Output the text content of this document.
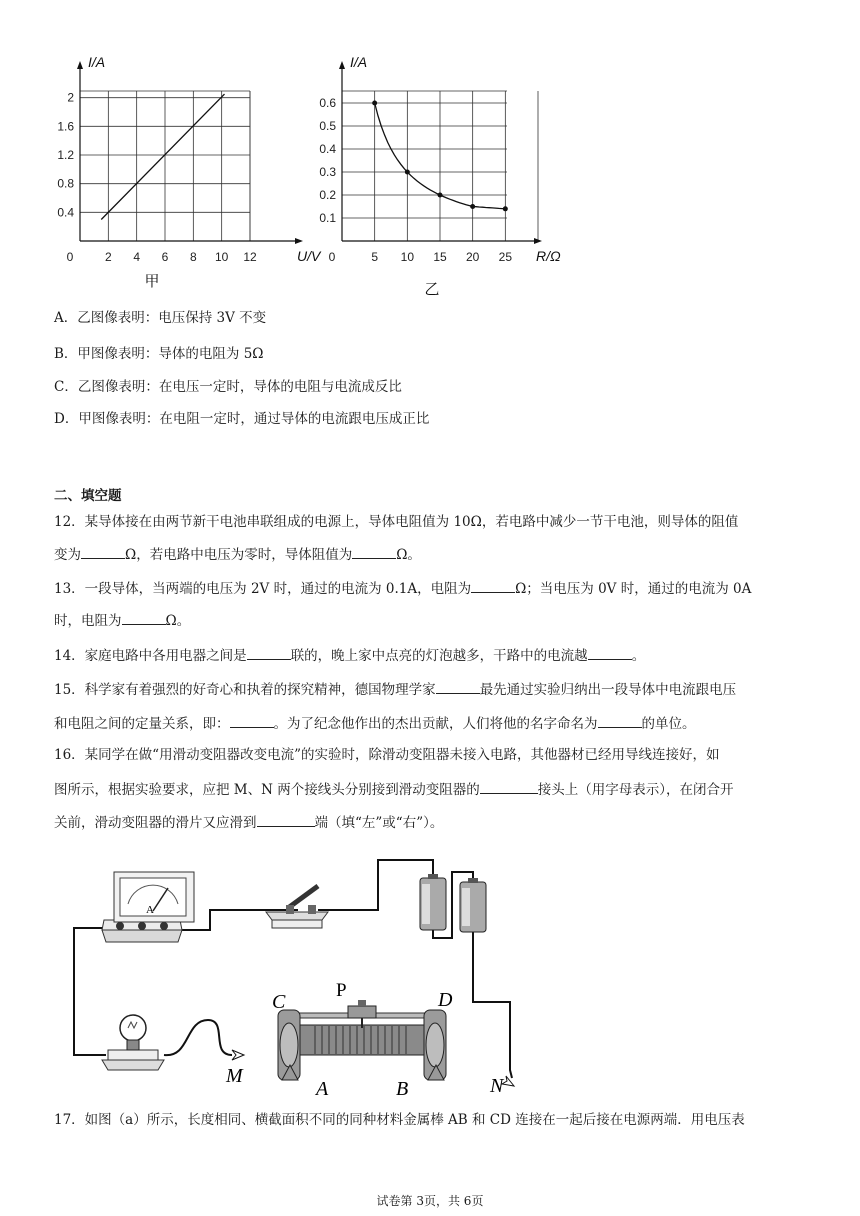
0	2 4 6 8 10 12
0.4
0.8
1.2
1.6
2
I/A
U/V
甲
0	5 10 15 20 25
0.1
0.2
0.3
0.4
0.5
0.6
I/A
R/Ω
乙
A．乙图像表明：电压保持 3V 不变
B．甲图像表明：导体的电阻为 5Ω
C．乙图像表明：在电压一定时，导体的电阻与电流成反比
D．甲图像表明：在电阻一定时，通过导体的电流跟电压成正比
二、填空题
12．某导体接在由两节新干电池串联组成的电源上，导体电阻值为 10Ω，若电路中减少一节干电池，则导体的阻值
变为	Ω，若电路中电压为零时，导体阻值为	Ω。
13．一段导体，当两端的电压为 2V 时，通过的电流为 0.1A，电阻为	Ω；当电压为 0V 时，通过的电流为 0A
时，电阻为	Ω。
14．家庭电路中各用电器之间是	联的，晚上家中点亮的灯泡越多，干路中的电流越	。
15．科学家有着强烈的好奇心和执着的探究精神，德国物理学家	最先通过实验归纳出一段导体中电流跟电压
和电阻之间的定量关系，即：	。为了纪念他作出的杰出贡献，人们将他的名字命名为	的单位。
16．某同学在做“用滑动变阻器改变电流”的实验时，除滑动变阻器未接入电路，其他器材已经用导线连接好，如
图所示，根据实验要求，应把 M、N 两个接线头分别接到滑动变阻器的	接头上（用字母表示），在闭合开
关前，滑动变阻器的滑片又应滑到	端（填“左”或“右”）。
A
C	D
A	B
M	N
P
17．如图（a）所示，长度相同、横截面积不同的同种材料金属棒 AB 和 CD 连接在一起后接在电源两端．用电压表
试卷第 3页，共 6页
